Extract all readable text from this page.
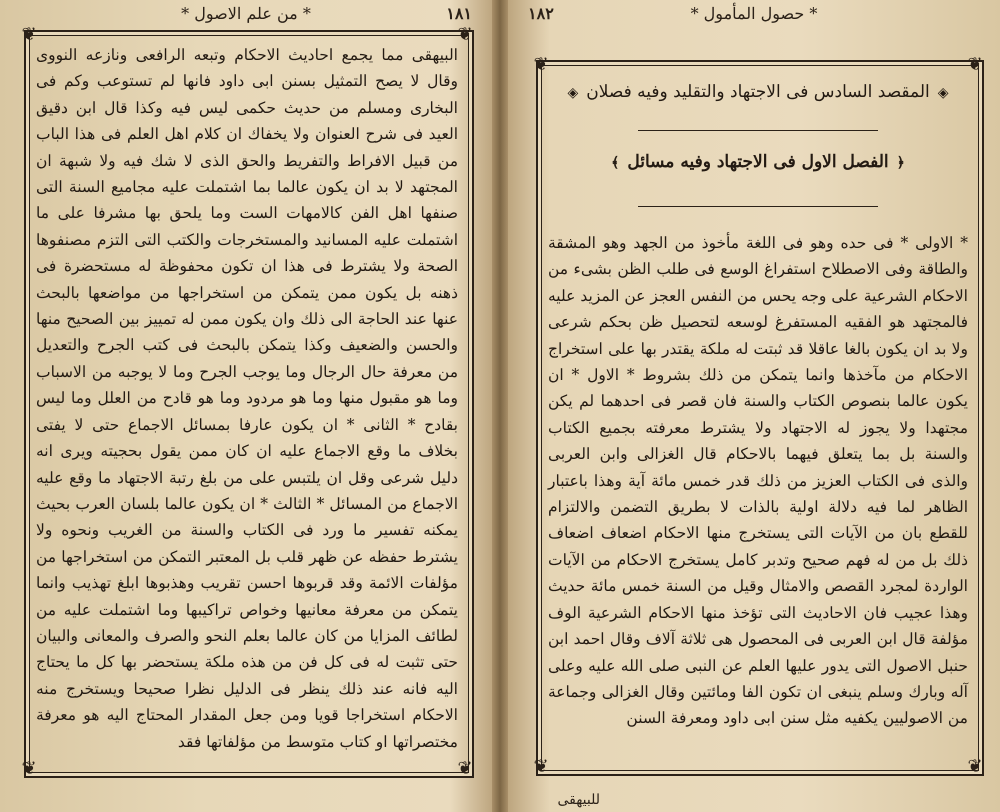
١٨١
* من علم الاصول *
❦	❦
❦	❦

البيهقى مما يجمع احاديث الاحكام وتبعه الرافعى ونازعه النووى وقال لا يصح التمثيل بسنن ابى داود فانها لم تستوعب وكم فى البخارى ومسلم من حديث حكمى ليس فيه وكذا قال ابن دقيق العيد فى شرح العنوان ولا يخفاك ان كلام اهل العلم فى هذا الباب من قبيل الافراط والتفريط والحق الذى لا شك فيه ولا شبهة ان المجتهد لا بد ان يكون عالما بما اشتملت عليه مجاميع السنة التى صنفها اهل الفن كالامهات الست وما يلحق بها مشرفا على ما اشتملت عليه المسانيد والمستخرجات والكتب التى التزم مصنفوها الصحة ولا يشترط فى هذا ان تكون محفوظة له مستحضرة فى ذهنه بل يكون ممن يتمكن من استخراجها من مواضعها بالبحث عنها عند الحاجة الى ذلك وان يكون ممن له تمييز بين الصحيح منها والحسن والضعيف وكذا يتمكن بالبحث فى كتب الجرح والتعديل من معرفة حال الرجال وما يوجب الجرح وما لا يوجبه من الاسباب وما هو مقبول منها وما هو مردود وما هو قادح من العلل وما ليس بقادح * الثانى * ان يكون عارفا بمسائل الاجماع حتى لا يفتى بخلاف ما وقع الاجماع عليه ان كان ممن يقول بحجيته ويرى انه دليل شرعى وقل ان يلتبس على من بلغ رتبة الاجتهاد ما وقع عليه الاجماع من المسائل * الثالث * ان يكون عالما بلسان العرب بحيث يمكنه تفسير ما ورد فى الكتاب والسنة من الغريب ونحوه ولا يشترط حفظه عن ظهر قلب بل المعتبر التمكن من استخراجها من مؤلفات الائمة وقد قربوها احسن تقريب وهذبوها ابلغ تهذيب وانما يتمكن من معرفة معانيها وخواص تراكيبها وما اشتملت عليه من لطائف المزايا من كان عالما بعلم النحو والصرف والمعانى والبيان حتى تثبت له فى كل فن من هذه ملكة يستحضر بها كل ما يحتاج اليه فانه عند ذلك ينظر فى الدليل نظرا صحيحا ويستخرج منه الاحكام استخراجا قويا ومن جعل المقدار المحتاج اليه هو معرفة مختصراتها او كتاب متوسط من مؤلفاتها فقد

١٨٢	* حصول المأمول *
❦	❦
❦	❦
◈المقصد السادس فى الاجتهاد والتقليد وفيه فصلان◈
﴿الفصل الاول فى الاجتهاد وفيه مسائل﴾

* الاولى * فى حده وهو فى اللغة مأخوذ من الجهد وهو المشقة والطاقة وفى الاصطلاح استفراغ الوسع فى طلب الظن بشىء من الاحكام الشرعية على وجه يحس من النفس العجز عن المزيد عليه فالمجتهد هو الفقيه المستفرغ لوسعه لتحصيل ظن بحكم شرعى ولا بد ان يكون بالغا عاقلا قد ثبتت له ملكة يقتدر بها على استخراج الاحكام من مآخذها وانما يتمكن من ذلك بشروط * الاول * ان يكون عالما بنصوص الكتاب والسنة فان قصر فى احدهما لم يكن مجتهدا ولا يجوز له الاجتهاد ولا يشترط معرفته بجميع الكتاب والسنة بل بما يتعلق فيهما بالاحكام قال الغزالى وابن العربى والذى فى الكتاب العزيز من ذلك قدر خمس مائة آية وهذا باعتبار الظاهر لما فيه دلالة اولية بالذات لا بطريق التضمن والالتزام للقطع بان من الآيات التى يستخرج منها الاحكام اضعاف اضعاف ذلك بل من له فهم صحيح وتدبر كامل يستخرج الاحكام من الآيات الواردة لمجرد القصص والامثال وقيل من السنة خمس مائة حديث وهذا عجيب فان الاحاديث التى تؤخذ منها الاحكام الشرعية الوف مؤلفة قال ابن العربى فى المحصول هى ثلاثة آلاف وقال احمد ابن حنبل الاصول التى يدور عليها العلم عن النبى صلى الله عليه وعلى آله وبارك وسلم ينبغى ان تكون الفا ومائتين وقال الغزالى وجماعة من الاصوليين يكفيه مثل سنن ابى داود ومعرفة السنن

للبيهقى
